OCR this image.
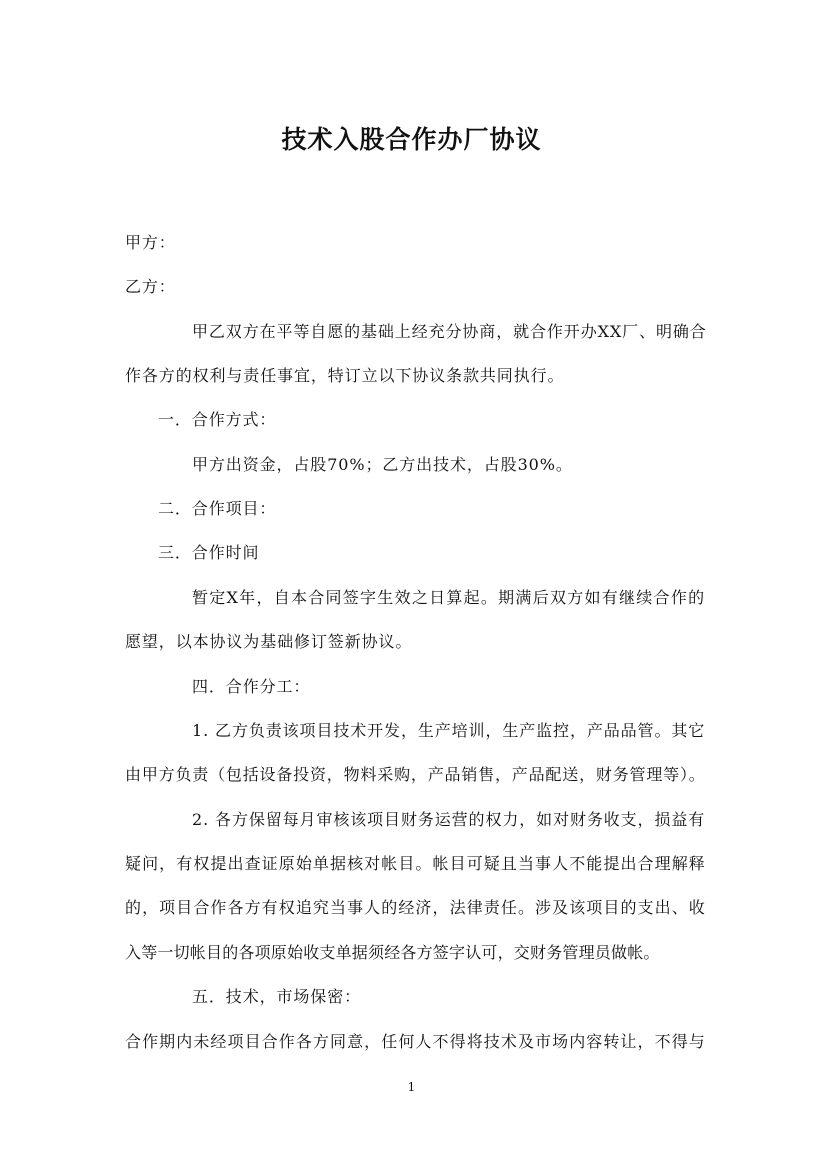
技术入股合作办厂协议
甲方：
乙方：
甲乙双方在平等自愿的基础上经充分协商，就合作开办XX厂、明确合
作各方的权利与责任事宜，特订立以下协议条款共同执行。
一．合作方式：
甲方出资金，占股70%；乙方出技术，占股30%。
二．合作项目：
三．合作时间
暂定X年，自本合同签字生效之日算起。期满后双方如有继续合作的
愿望，以本协议为基础修订签新协议。
四．合作分工：
1. 乙方负责该项目技术开发，生产培训，生产监控，产品品管。其它
由甲方负责（包括设备投资，物料采购，产品销售，产品配送，财务管理等）。
2. 各方保留每月审核该项目财务运营的权力，如对财务收支，损益有
疑问，有权提出查证原始单据核对帐目。帐目可疑且当事人不能提出合理解释
的，项目合作各方有权追究当事人的经济，法律责任。涉及该项目的支出、收
入等一切帐目的各项原始收支单据须经各方签字认可，交财务管理员做帐。
五．技术，市场保密：
合作期内未经项目合作各方同意，任何人不得将技术及市场内容转让，不得与
1
